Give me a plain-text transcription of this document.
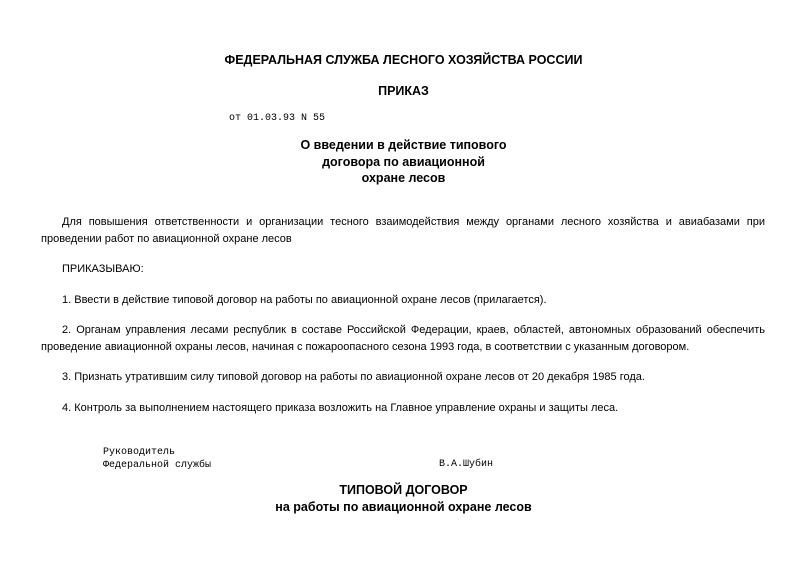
ФЕДЕРАЛЬНАЯ СЛУЖБА ЛЕСНОГО ХОЗЯЙСТВА РОССИИ
ПРИКАЗ
от 01.03.93 N 55
О введении в действие типового
договора по авиационной
охране лесов
Для повышения ответственности и организации тесного взаимодействия между органами лесного хозяйства и авиабазами при проведении работ по авиационной охране лесов
ПРИКАЗЫВАЮ:
1. Ввести в действие типовой договор на работы по авиационной охране лесов (прилагается).
2. Органам управления лесами республик в составе Российской Федерации, краев, областей, автономных образований обеспечить проведение авиационной охраны лесов, начиная с пожароопасного сезона 1993 года, в соответствии с указанным договором.
3. Признать утратившим силу типовой договор на работы по авиационной охране лесов от 20 декабря 1985 года.
4. Контроль за выполнением настоящего приказа возложить на Главное управление охраны и защиты леса.
Руководитель
Федеральной службы	В.А.Шубин
ТИПОВОЙ ДОГОВОР
на работы по авиационной охране лесов
